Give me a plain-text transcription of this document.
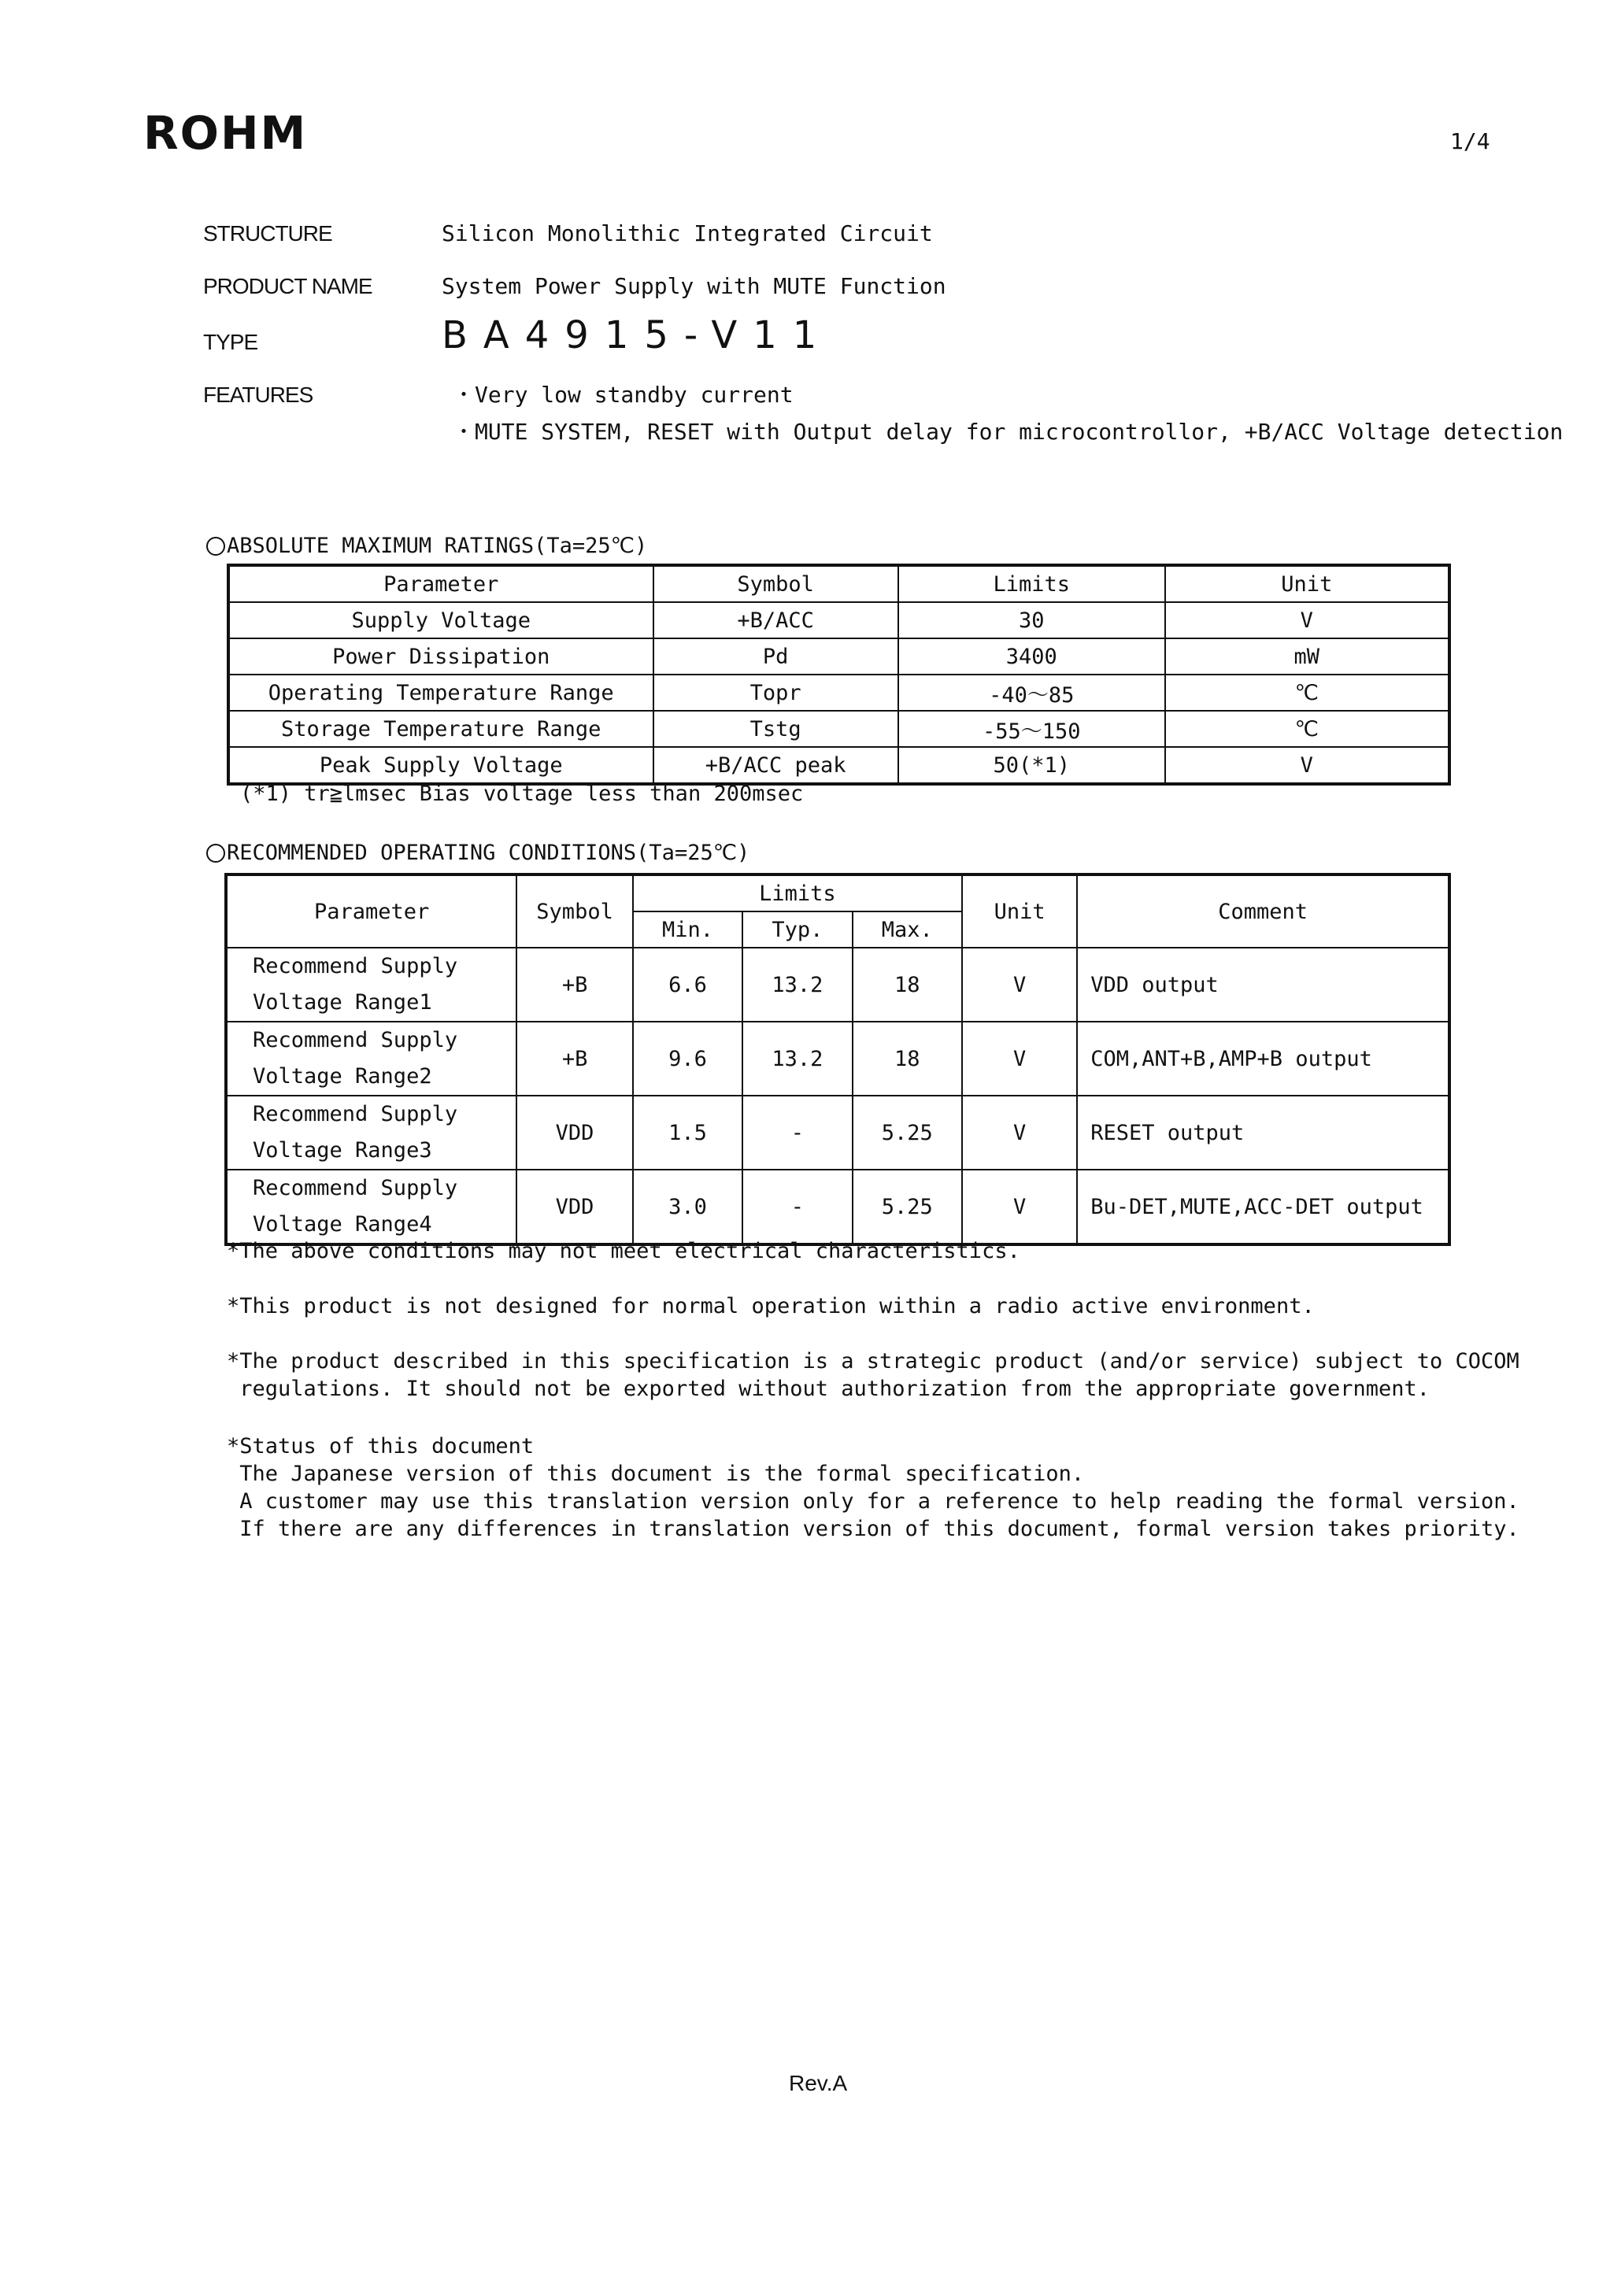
ROHM	1/4
STRUCTURE	Silicon Monolithic Integrated Circuit
PRODUCT NAME	System Power Supply with MUTE Function
TYPE	BA4915-V11
FEATURES	・Very low standby current
・MUTE SYSTEM, RESET with Output delay for microcontrollor, +B/ACC Voltage detection
ABSOLUTE MAXIMUM RATINGS(Ta=25℃)
Parameter	Symbol	Limits	Unit
Supply Voltage	+B/ACC	30	V
Power Dissipation	Pd	3400	mW
Operating Temperature Range	Topr	-40〜85	℃
Storage Temperature Range	Tstg	-55〜150	℃
Peak Supply Voltage	+B/ACC peak	50(*1)	V
(*1) tr≧lmsec Bias voltage less than 200msec
RECOMMENDED OPERATING CONDITIONS(Ta=25℃)
Parameter	Symbol	Limits			Unit	Comment
		Min.	Typ.	Max.		

Recommend Supply
Voltage Range1	+B	6.6	13.2	18	V	VDD output

Recommend Supply
Voltage Range2	+B	9.6	13.2	18	V	COM,ANT+B,AMP+B output

Recommend Supply
Voltage Range3	VDD	1.5	-	5.25	V	RESET output

Recommend Supply
Voltage Range4	VDD	3.0	-	5.25	V	Bu-DET,MUTE,ACC-DET output
*The above conditions may not meet electrical characteristics.
*This product is not designed for normal operation within a radio active environment.
*The product described in this specification is a strategic product (and/or service) subject to COCOM
regulations. It should not be exported without authorization from the appropriate government.
*Status of this document
The Japanese version of this document is the formal specification.
A customer may use this translation version only for a reference to help reading the formal version.
If there are any differences in translation version of this document, formal version takes priority.
Rev.A
